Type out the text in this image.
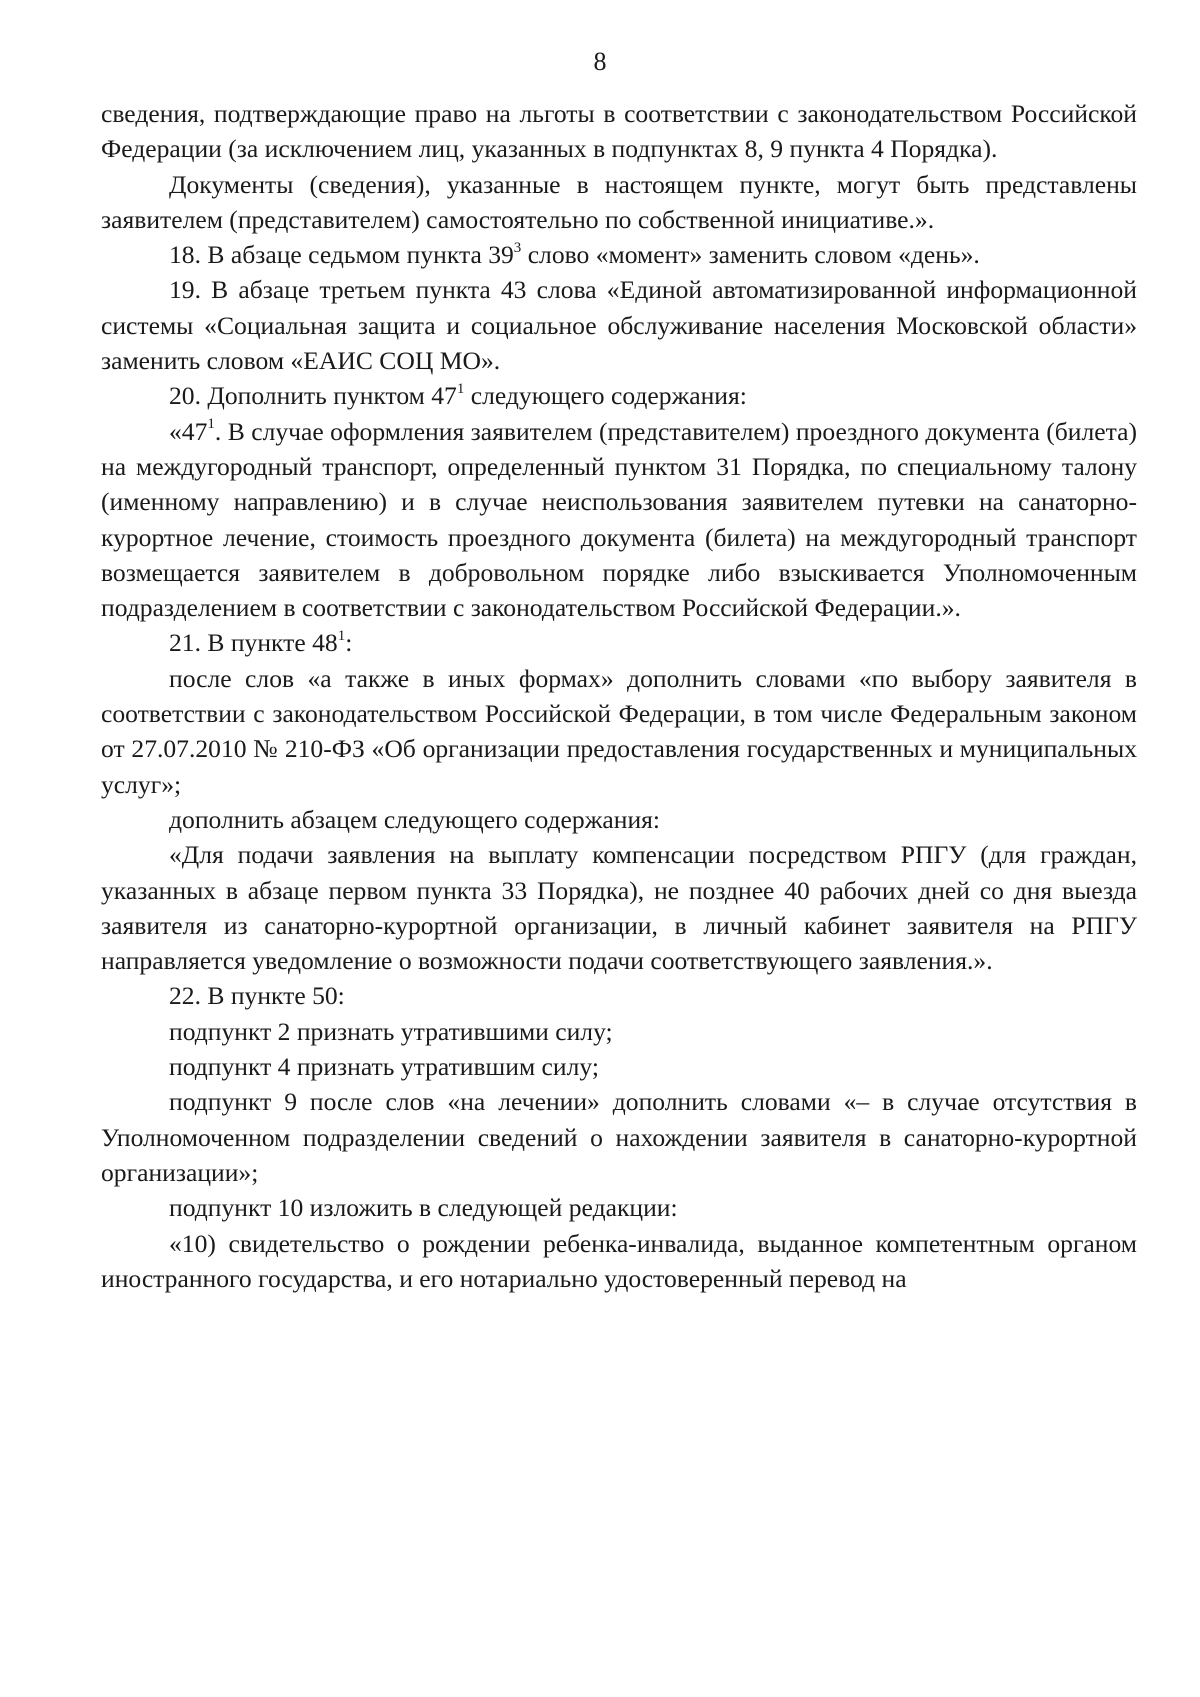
8

сведения, подтверждающие право на льготы в соответствии с законодательством Российской Федерации (за исключением лиц, указанных в подпунктах 8, 9 пункта 4 Порядка).

Документы (сведения), указанные в настоящем пункте, могут быть представлены заявителем (представителем) самостоятельно по собственной инициативе.».

18. В абзаце седьмом пункта $39^3$ слово «момент» заменить словом «день».

19. В абзаце третьем пункта 43 слова «Единой автоматизированной информационной системы «Социальная защита и социальное обслуживание населения Московской области» заменить словом «ЕАИС СОЦ МО».

20. Дополнить пунктом $47^1$ следующего содержания:

«$47^1$. В случае оформления заявителем (представителем) проездного документа (билета) на междугородный транспорт, определенный пунктом 31 Порядка, по специальному талону (именному направлению) и в случае неиспользования заявителем путевки на санаторно-курортное лечение, стоимость проездного документа (билета) на междугородный транспорт возмещается заявителем в добровольном порядке либо взыскивается Уполномоченным подразделением в соответствии с законодательством Российской Федерации.».

21. В пункте $48^1$:

после слов «а также в иных формах» дополнить словами «по выбору заявителя в соответствии с законодательством Российской Федерации, в том числе Федеральным законом от 27.07.2010 № 210-ФЗ «Об организации предоставления государственных и муниципальных услуг»;

дополнить абзацем следующего содержания:

«Для подачи заявления на выплату компенсации посредством РПГУ (для граждан, указанных в абзаце первом пункта 33 Порядка), не позднее 40 рабочих дней со дня выезда заявителя из санаторно-курортной организации, в личный кабинет заявителя на РПГУ направляется уведомление о возможности подачи соответствующего заявления.».

22. В пункте 50:

подпункт 2 признать утратившими силу;

подпункт 4 признать утратившим силу;

подпункт 9 после слов «на лечении» дополнить словами «– в случае отсутствия в Уполномоченном подразделении сведений о нахождении заявителя в санаторно-курортной организации»;

подпункт 10 изложить в следующей редакции:

«10) свидетельство о рождении ребенка-инвалида, выданное компетентным органом иностранного государства, и его нотариально удостоверенный перевод на
